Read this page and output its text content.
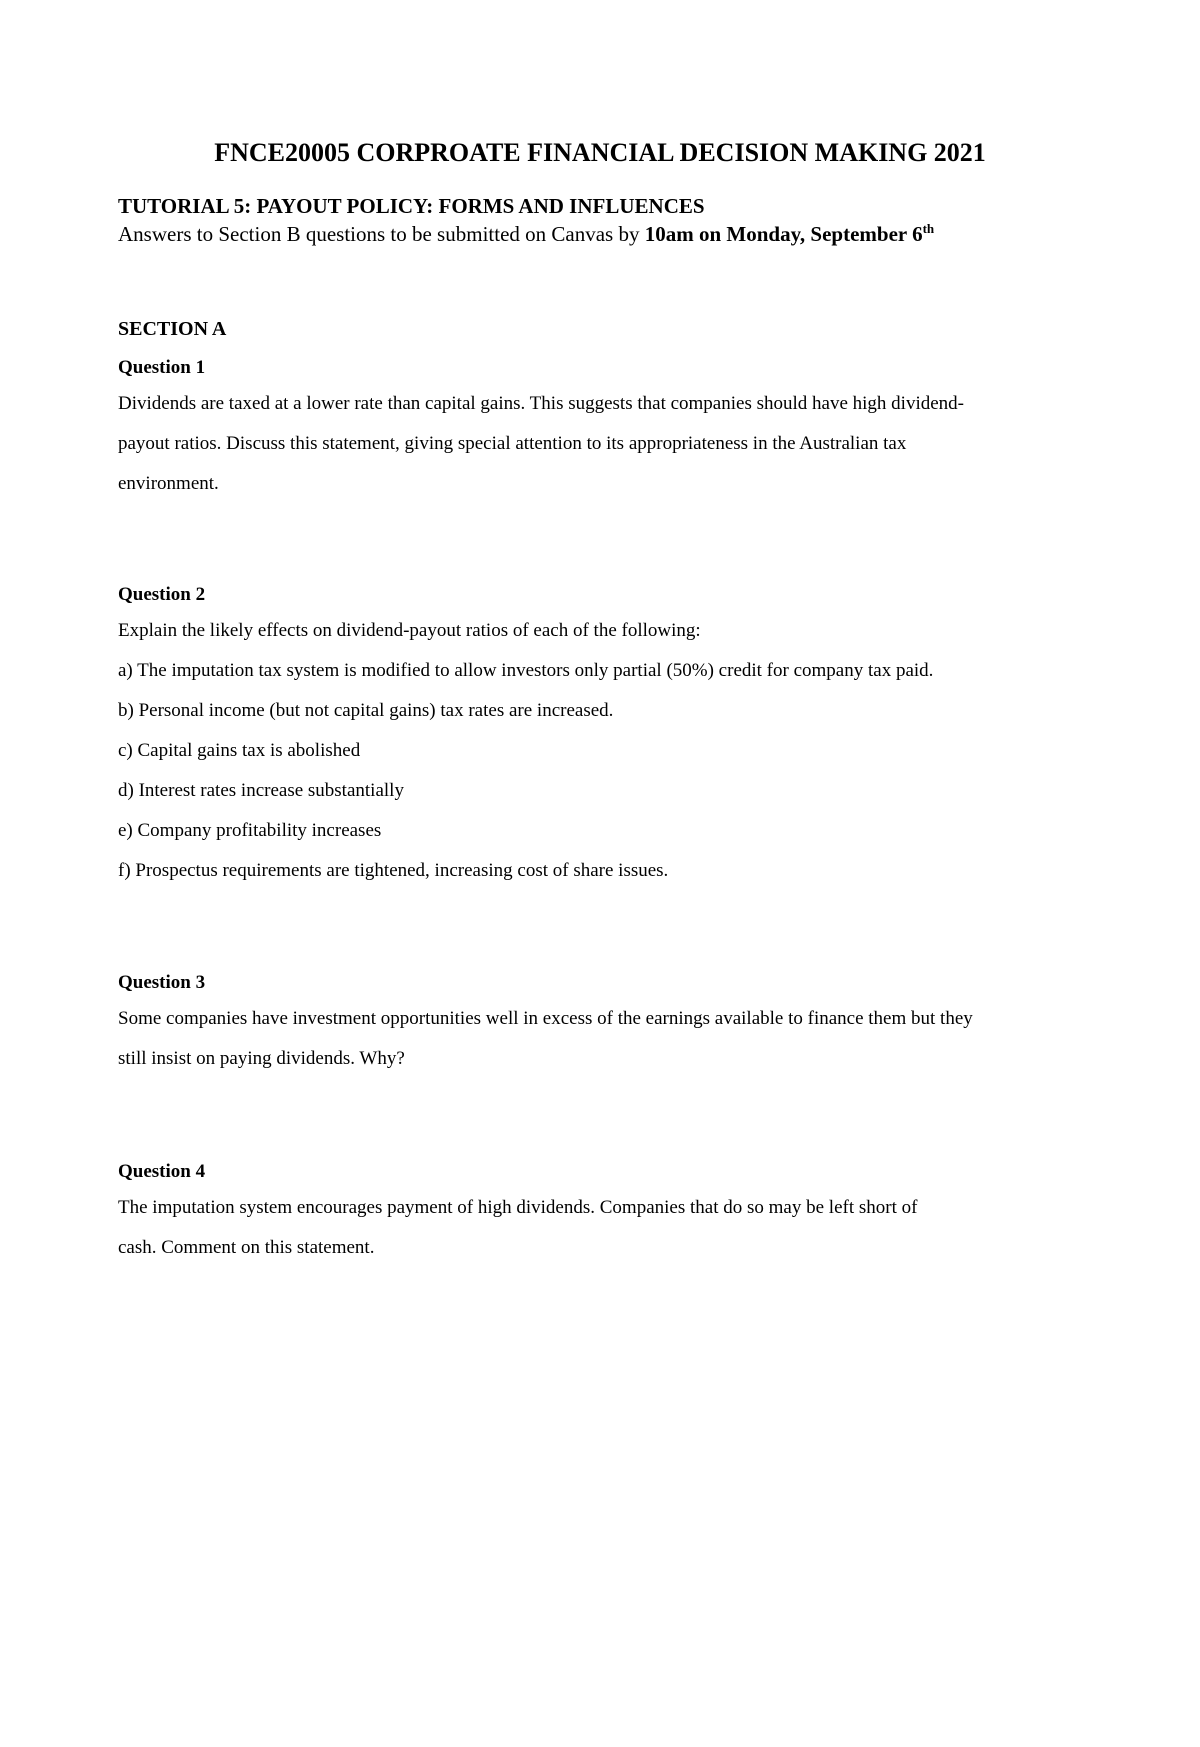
FNCE20005 CORPROATE FINANCIAL DECISION MAKING 2021
TUTORIAL 5: PAYOUT POLICY: FORMS AND INFLUENCES
Answers to Section B questions to be submitted on Canvas by 10am on Monday, September 6th
SECTION A
Question 1
Dividends are taxed at a lower rate than capital gains. This suggests that companies should have high dividend-
payout ratios. Discuss this statement, giving special attention to its appropriateness in the Australian tax
environment.
Question 2
Explain the likely effects on dividend-payout ratios of each of the following:
a) The imputation tax system is modified to allow investors only partial (50%) credit for company tax paid.
b) Personal income (but not capital gains) tax rates are increased.
c) Capital gains tax is abolished
d) Interest rates increase substantially
e) Company profitability increases
f) Prospectus requirements are tightened, increasing cost of share issues.
Question 3
Some companies have investment opportunities well in excess of the earnings available to finance them but they
still insist on paying dividends. Why?
Question 4
The imputation system encourages payment of high dividends. Companies that do so may be left short of
cash. Comment on this statement.
